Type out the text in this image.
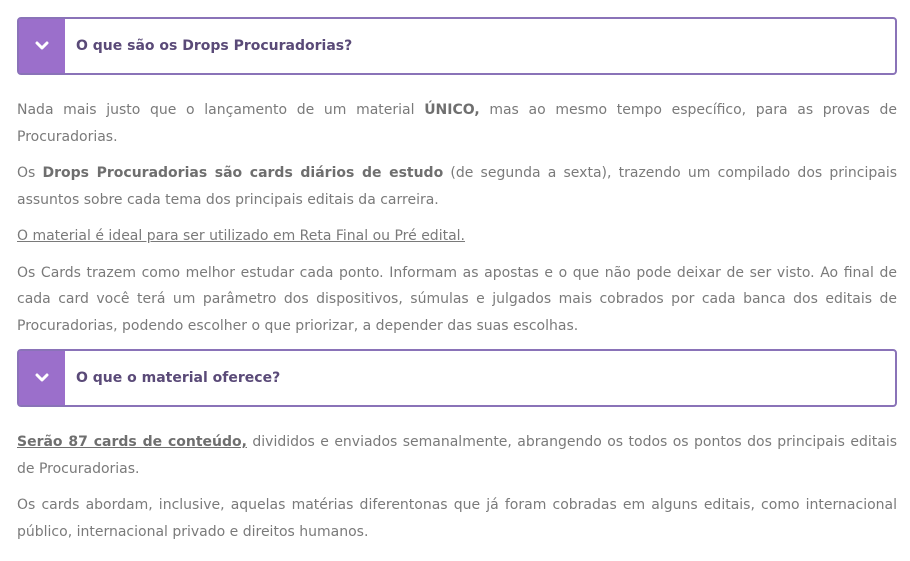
O que são os Drops Procuradorias?

Nada mais justo que o lançamento de um material ÚNICO, mas ao mesmo tempo específico, para as provas de Procuradorias.

Os Drops Procuradorias são cards diários de estudo (de segunda a sexta), trazendo um compilado dos principais assuntos sobre cada tema dos principais editais da carreira.

O material é ideal para ser utilizado em Reta Final ou Pré edital.

Os Cards trazem como melhor estudar cada ponto. Informam as apostas e o que não pode deixar de ser visto. Ao final de cada card você terá um parâmetro dos dispositivos, súmulas e julgados mais cobrados por cada banca dos editais de Procuradorias, podendo escolher o que priorizar, a depender das suas escolhas.

O que o material oferece?

Serão 87 cards de conteúdo, divididos e enviados semanalmente, abrangendo os todos os pontos dos principais editais de Procuradorias.

Os cards abordam, inclusive, aquelas matérias diferentonas que já foram cobradas em alguns editais, como internacional público, internacional privado e direitos humanos.
